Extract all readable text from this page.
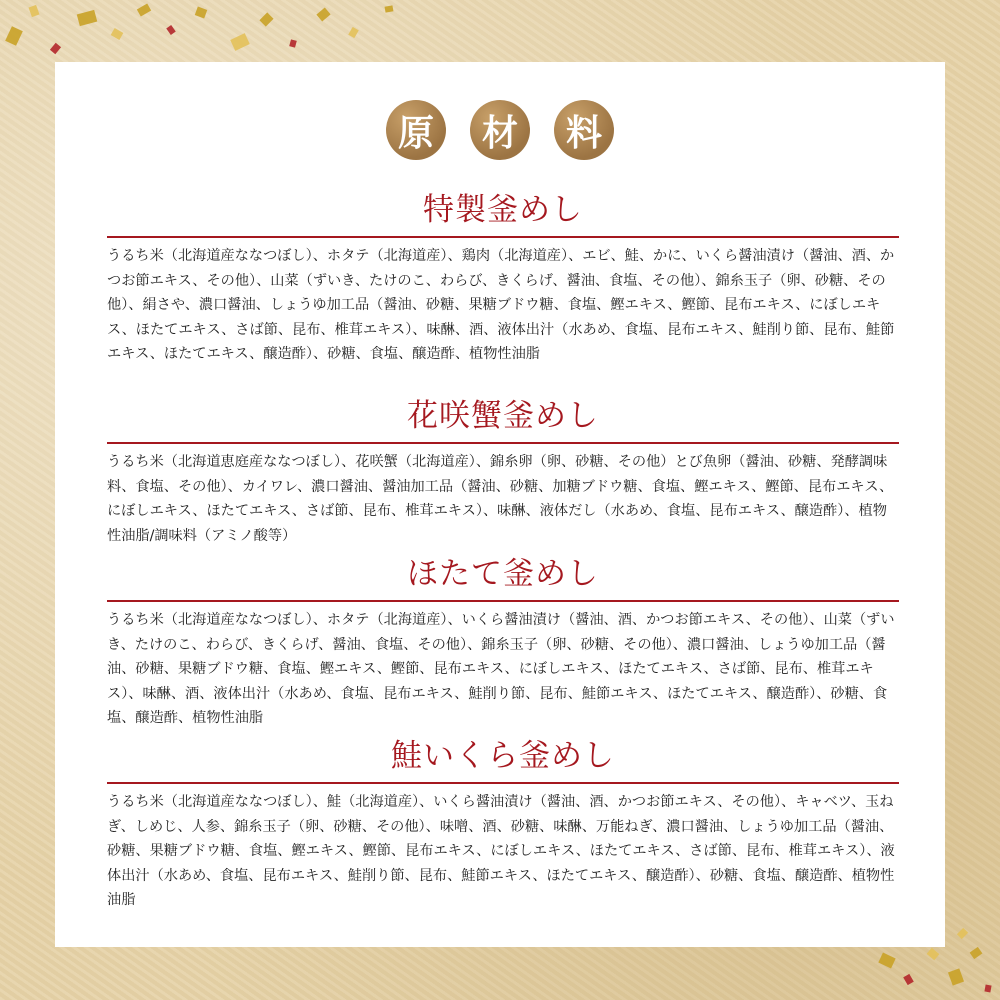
原	材	料
特製釜めし
うるち米（北海道産ななつぼし）、ホタテ（北海道産）、鶏肉（北海道産）、エビ、鮭、かに、いくら醤油漬け（醤油、酒、かつお節エキス、その他）、山菜（ずいき、たけのこ、わらび、きくらげ、醤油、食塩、その他）、錦糸玉子（卵、砂糖、その他）、絹さや、濃口醤油、しょうゆ加工品（醤油、砂糖、果糖ブドウ糖、食塩、鰹エキス、鰹節、昆布エキス、にぼしエキス、ほたてエキス、さば節、昆布、椎茸エキス）、味醂、酒、液体出汁（水あめ、食塩、昆布エキス、鮭削り節、昆布、鮭節エキス、ほたてエキス、醸造酢）、砂糖、食塩、醸造酢、植物性油脂
花咲蟹釜めし
うるち米（北海道恵庭産ななつぼし）、花咲蟹（北海道産）、錦糸卵（卵、砂糖、その他）とび魚卵（醤油、砂糖、発酵調味料、食塩、その他）、カイワレ、濃口醤油、醤油加工品（醤油、砂糖、加糖ブドウ糖、食塩、鰹エキス、鰹節、昆布エキス、にぼしエキス、ほたてエキス、さば節、昆布、椎茸エキス）、味醂、液体だし（水あめ、食塩、昆布エキス、醸造酢）、植物性油脂/調味料（アミノ酸等）
ほたて釜めし
うるち米（北海道産ななつぼし）、ホタテ（北海道産）、いくら醤油漬け（醤油、酒、かつお節エキス、その他）、山菜（ずいき、たけのこ、わらび、きくらげ、醤油、食塩、その他）、錦糸玉子（卵、砂糖、その他）、濃口醤油、しょうゆ加工品（醤油、砂糖、果糖ブドウ糖、食塩、鰹エキス、鰹節、昆布エキス、にぼしエキス、ほたてエキス、さば節、昆布、椎茸エキス）、味醂、酒、液体出汁（水あめ、食塩、昆布エキス、鮭削り節、昆布、鮭節エキス、ほたてエキス、醸造酢）、砂糖、食塩、醸造酢、植物性油脂
鮭いくら釜めし
うるち米（北海道産ななつぼし）、鮭（北海道産）、いくら醤油漬け（醤油、酒、かつお節エキス、その他）、キャベツ、玉ねぎ、しめじ、人参、錦糸玉子（卵、砂糖、その他）、味噌、酒、砂糖、味醂、万能ねぎ、濃口醤油、しょうゆ加工品（醤油、砂糖、果糖ブドウ糖、食塩、鰹エキス、鰹節、昆布エキス、にぼしエキス、ほたてエキス、さば節、昆布、椎茸エキス）、液体出汁（水あめ、食塩、昆布エキス、鮭削り節、昆布、鮭節エキス、ほたてエキス、醸造酢）、砂糖、食塩、醸造酢、植物性油脂
